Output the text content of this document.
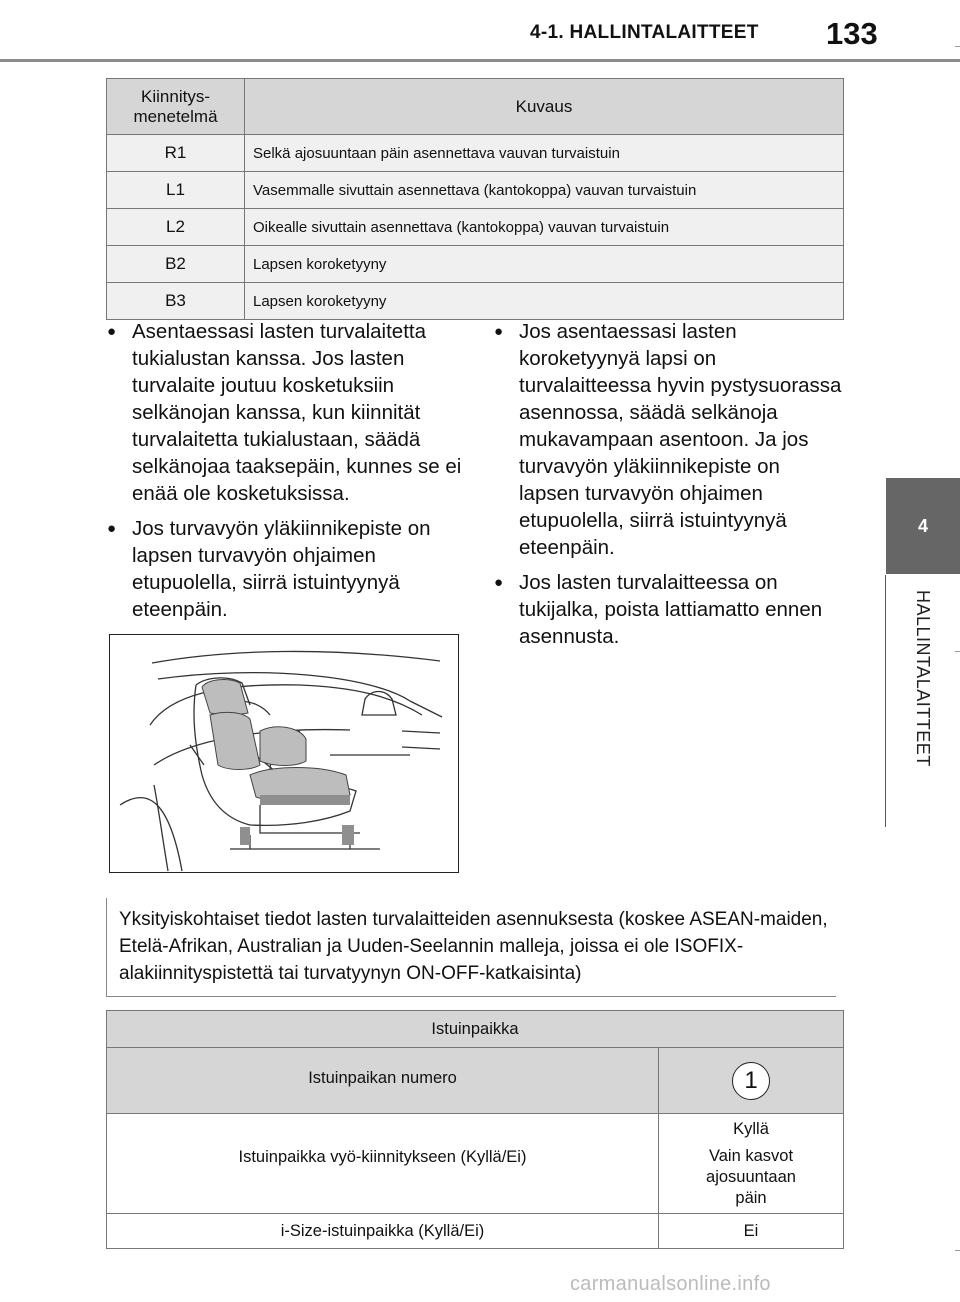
4-1. HALLINTALAITTEET 133
4
HALLINTALAITTEET
Kiinnitys-
menetelmä	Kuvaus
R1	Selkä ajosuuntaan päin asennettava vauvan turvaistuin
L1	Vasemmalle sivuttain asennettava (kantokoppa) vauvan turvaistuin
L2	Oikealle sivuttain asennettava (kantokoppa) vauvan turvaistuin
B2	Lapsen koroketyyny
B3	Lapsen koroketyyny
● Asentaessasi lasten turvalaitetta tukialustan kanssa. Jos lasten turvalaite joutuu kosketuksiin selkänojan kanssa, kun kiinnität turvalaitetta tukialustaan, säädä selkänojaa taaksepäin, kunnes se ei enää ole kosketuksissa.
● Jos turvavyön yläkiinnikepiste on lapsen turvavyön ohjaimen etupuolella, siirrä istuintyynyä eteenpäin.
● Jos asentaessasi lasten koroketyynyä lapsi on turvalaitteessa hyvin pystysuorassa asennossa, säädä selkänoja mukavampaan asentoon. Ja jos turvavyön yläkiinnikepiste on lapsen turvavyön ohjaimen etupuolella, siirrä istuintyynyä eteenpäin.
● Jos lasten turvalaitteessa on tukijalka, poista lattiamatto ennen asennusta.
Yksityiskohtaiset tiedot lasten turvalaitteiden asennuksesta (koskee ASEAN-maiden, Etelä-Afrikan, Australian ja Uuden-Seelannin malleja, joissa ei ole ISOFIX-alakiinnityspistettä tai turvatyynyn ON-OFF-katkaisinta)
Istuinpaikka	
Istuinpaikan numero	1
Istuinpaikka vyö-kiinnitykseen (Kyllä/Ei)	Kyllä
Vain kasvot ajosuuntaan päin

i-Size-istuinpaikka (Kyllä/Ei)	Ei
carmanualsonline.info
